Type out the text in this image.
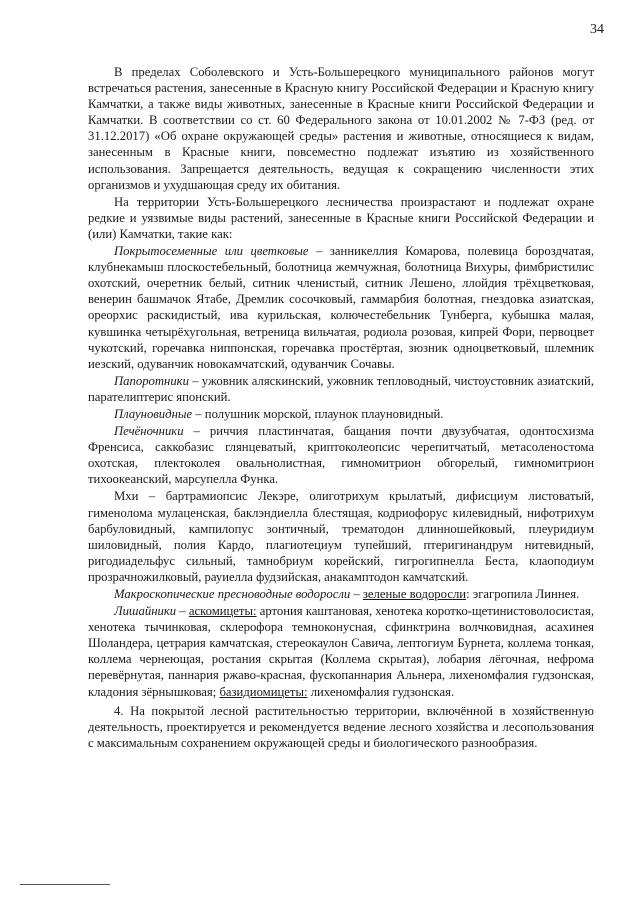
34

В пределах Соболевского и Усть-Большерецкого муниципального районов могут встречаться растения, занесенные в Красную книгу Российской Федерации и Красную книгу Камчатки, а также виды животных, занесенные в Красные книги Российской Федерации и Камчатки. В соответствии со ст. 60 Федерального закона от 10.01.2002 № 7-ФЗ (ред. от 31.12.2017) «Об охране окружающей среды» растения и животные, относящиеся к видам, занесенным в Красные книги, повсеместно подлежат изъятию из хозяйственного использования. Запрещается деятельность, ведущая к сокращению численности этих организмов и ухудшающая среду их обитания.

На территории Усть-Большерецкого лесничества произрастают и подлежат охране редкие и уязвимые виды растений, занесенные в Красные книги Российской Федерации и (или) Камчатки, такие как:

Покрытосеменные или цветковые – занникеллия Комарова, полевица бороздчатая, клубнекамыш плоскостебельный, болотница жемчужная, болотница Вихуры, фимбристилис охотский, очеретник белый, ситник членистый, ситник Лешено, ллойдия трёхцветковая, венерин башмачок Ятабе, Дремлик сосочковый, гаммарбия болотная, гнездовка азиатская, ореорхис раскидистый, ива курильская, колючестебельник Тунберга, кубышка малая, кувшинка четырёхугольная, ветреница вильчатая, родиола розовая, кипрей Фори, первоцвет чукотский, горечавка ниппонская, горечавка простёртая, зюзник одноцветковый, шлемник иезский, одуванчик новокамчатский, одуванчик Сочавы.

Папоротники – ужовник аляскинский, ужовник тепловодный, чистоустовник азиатский, парателиптерис японский.

Плауновидные – полушник морской, плаунок плауновидный.

Печёночники – риччия пластинчатая, бащания почти двузубчатая, одонтосхизма Френсиса, саккобазис глянцеватый, криптоколеопсис черепитчатый, метасоленостома охотская, плектоколея овальнолистная, гимномитрион обгорелый, гимномитрион тихоокеанский, марсупелла Функа.

Мхи – бартрамиопсис Лекэре, олиготрихум крылатый, дифисциум листоватый, гименолома мулаценская, баклэндиелла блестящая, кодриофорус килевидный, нифотрихум барбуловидный, кампилопус зонтичный, трематодон длинношейковый, плеуридиум шиловидный, полия Кардо, плагиотециум тупейший, птеригинандрум нитевидный, ригодиадельфус сильный, тамнобриум корейский, гигрогипнелла Беста, клаоподиум прозрачножилковый, рауиелла фудзийская, анакамптодон камчатский.

Макроскопические пресноводные водоросли – зеленые водоросли: эгагропила Линнея.

Лишайники – аскомицеты: артония каштановая, хенотека коротко-щетинистоволосистая, хенотека тычинковая, склерофора темноконусная, сфинктрина волчковидная, асахинея Шоландера, цетрария камчатская, стереокаулон Савича, лептогиум Бурнета, коллема тонкая, коллема чернеющая, ростания скрытая (Коллема скрытая), лобария лёгочная, нефрома перевёрнутая, паннария ржаво-красная, фускопаннария Альнера, лихеномфалия гудзонская, кладония зёрнышковая; базидиомицеты: лихеномфалия гудзонская.

4. На покрытой лесной растительностью территории, включённой в хозяйственную деятельность, проектируется и рекомендуется ведение лесного хозяйства и лесопользования с максимальным сохранением окружающей среды и биологического разнообразия.
